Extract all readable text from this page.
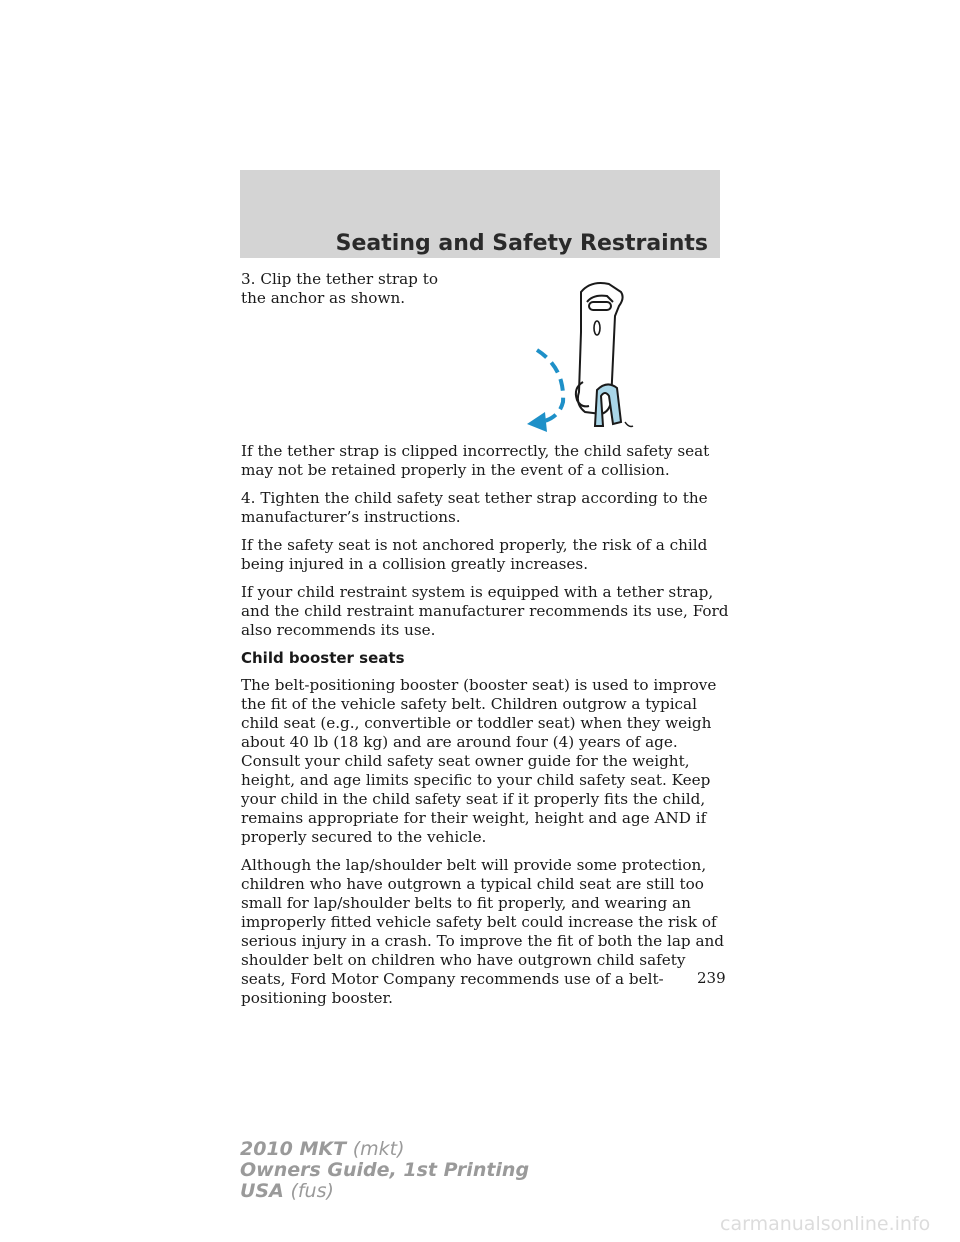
Seating and Safety Restraints

3. Clip the tether strap to the anchor as shown.

If the tether strap is clipped incorrectly, the child safety seat may not be retained properly in the event of a collision.

4. Tighten the child safety seat tether strap according to the manufacturer’s instructions.

If the safety seat is not anchored properly, the risk of a child being injured in a collision greatly increases.

If your child restraint system is equipped with a tether strap, and the child restraint manufacturer recommends its use, Ford also recommends its use.

Child booster seats

The belt-positioning booster (booster seat) is used to improve the fit of the vehicle safety belt. Children outgrow a typical child seat (e.g., convertible or toddler seat) when they weigh about 40 lb (18 kg) and are around four (4) years of age. Consult your child safety seat owner guide for the weight, height, and age limits specific to your child safety seat. Keep your child in the child safety seat if it properly fits the child, remains appropriate for their weight, height and age AND if properly secured to the vehicle.

Although the lap/shoulder belt will provide some protection, children who have outgrown a typical child seat are still too small for lap/shoulder belts to fit properly, and wearing an improperly fitted vehicle safety belt could increase the risk of serious injury in a crash. To improve the fit of both the lap and shoulder belt on children who have outgrown child safety seats, Ford Motor Company recommends use of a belt-positioning booster.

239
2010 MKT (mkt)
Owners Guide, 1st Printing
USA (fus)
carmanualsonline.info
